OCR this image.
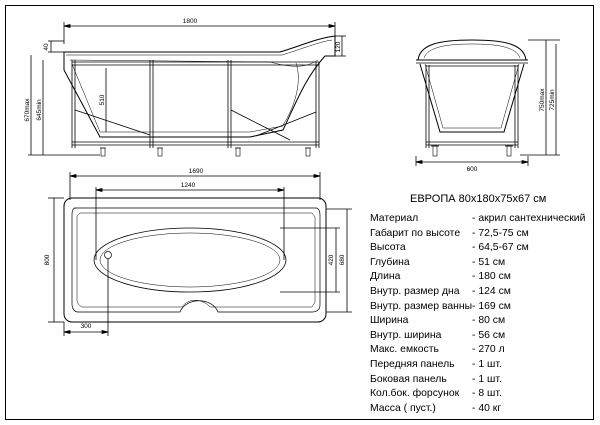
1800
40	120
510
670max 645min
600
750max 725min
1690
1240
800	680
420
300
ЕВРОПА 80х180х75х67 см
Материал	- акрил сантехнический
Габарит по высоте - 72,5-75 см
Высота	- 64,5-67 см
Глубина	- 51 см
Длина	- 180 см
Внутр. размер дна - 124 см
Внутр. размер ванны - 169 см
Ширина	- 80 см
Внутр. ширина	- 56 см
Макс. емкость	- 270 л
Передняя панель - 1 шт.
Боковая панель - 1 шт.
Кол.бок. форсунок - 8 шт.
Масса ( пуст.)	- 40 кг
